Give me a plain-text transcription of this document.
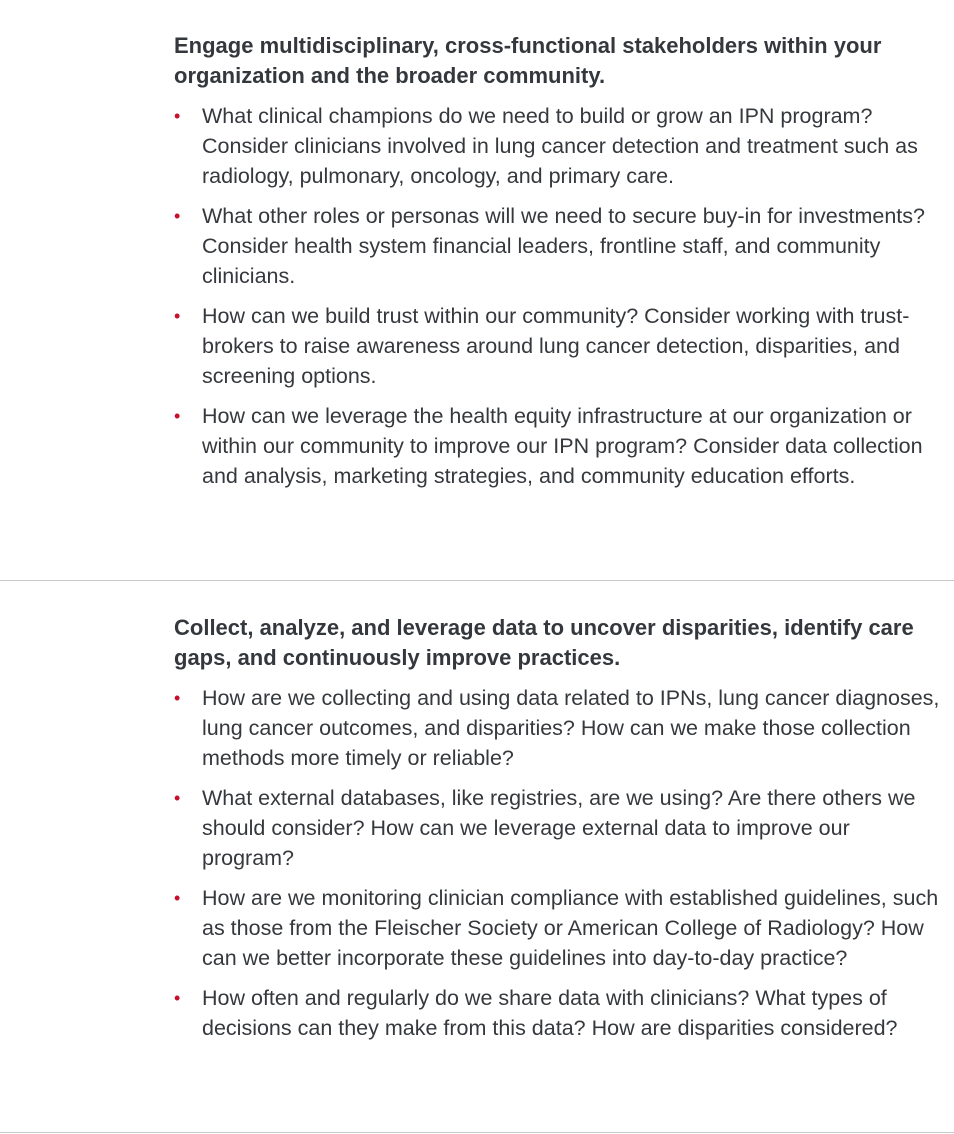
Engage multidisciplinary, cross-functional stakeholders within your organization and the broader community.
• What clinical champions do we need to build or grow an IPN program? Consider clinicians involved in lung cancer detection and treatment such as radiology, pulmonary, oncology, and primary care.
• What other roles or personas will we need to secure buy-in for investments? Consider health system financial leaders, frontline staff, and community clinicians.
• How can we build trust within our community? Consider working with trust-brokers to raise awareness around lung cancer detection, disparities, and screening options.
• How can we leverage the health equity infrastructure at our organization or within our community to improve our IPN program? Consider data collection and analysis, marketing strategies, and community education efforts.
Collect, analyze, and leverage data to uncover disparities, identify care gaps, and continuously improve practices.
• How are we collecting and using data related to IPNs, lung cancer diagnoses, lung cancer outcomes, and disparities? How can we make those collection methods more timely or reliable?
• What external databases, like registries, are we using? Are there others we should consider? How can we leverage external data to improve our program?
• How are we monitoring clinician compliance with established guidelines, such as those from the Fleischer Society or American College of Radiology? How can we better incorporate these guidelines into day-to-day practice?
• How often and regularly do we share data with clinicians? What types of decisions can they make from this data? How are disparities considered?
